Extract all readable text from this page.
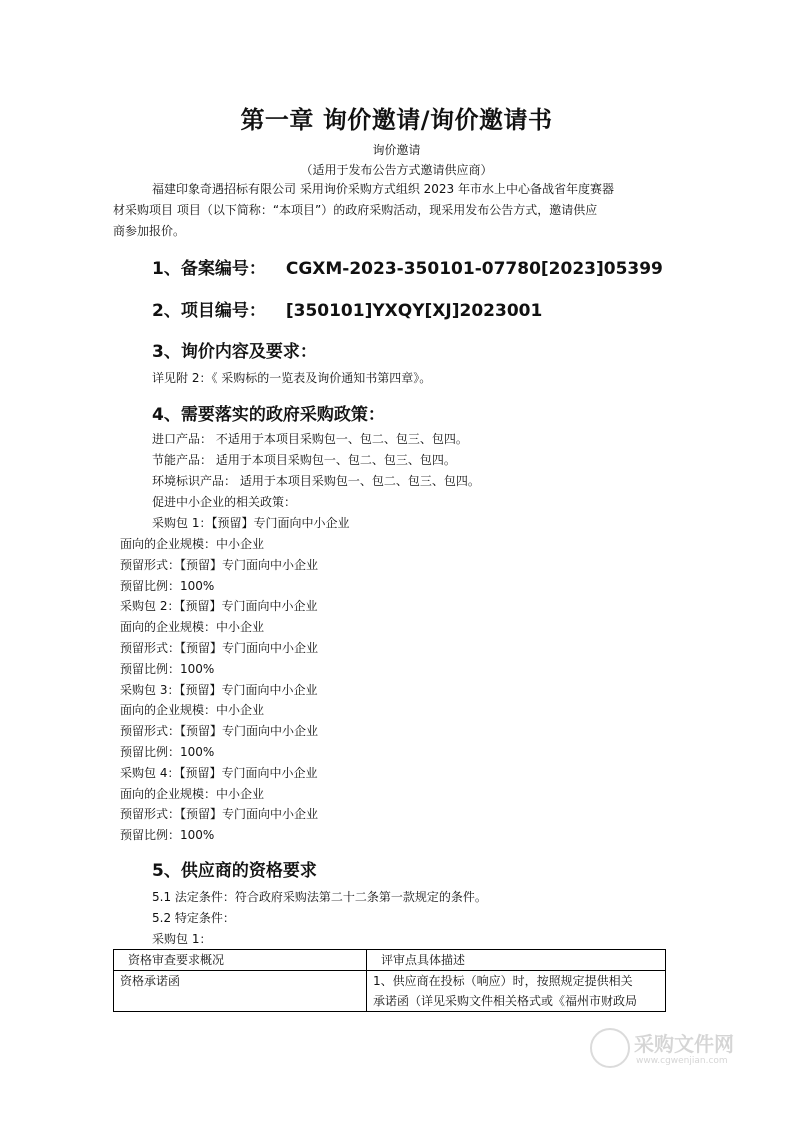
第一章 询价邀请/询价邀请书
询价邀请
（适用于发布公告方式邀请供应商）
福建印象奇遇招标有限公司 采用询价采购方式组织 2023 年市水上中心备战省年度赛器
材采购项目 项目（以下简称：“本项目”）的政府采购活动，现采用发布公告方式，邀请供应
商参加报价。
1、备案编号： CGXM-2023-350101-07780[2023]05399
2、项目编号： [350101]YXQY[XJ]2023001
3、询价内容及要求：
详见附 2：《 采购标的一览表及询价通知书第四章》。
4、需要落实的政府采购政策：
进口产品： 不适用于本项目采购包一、包二、包三、包四。
节能产品： 适用于本项目采购包一、包二、包三、包四。
环境标识产品： 适用于本项目采购包一、包二、包三、包四。
促进中小企业的相关政策：
采购包 1：【预留】专门面向中小企业
面向的企业规模：中小企业
预留形式：【预留】专门面向中小企业
预留比例：100%
采购包 2：【预留】专门面向中小企业
面向的企业规模：中小企业
预留形式：【预留】专门面向中小企业
预留比例：100%
采购包 3：【预留】专门面向中小企业
面向的企业规模：中小企业
预留形式：【预留】专门面向中小企业
预留比例：100%
采购包 4：【预留】专门面向中小企业
面向的企业规模：中小企业
预留形式：【预留】专门面向中小企业
预留比例：100%
5、供应商的资格要求
5.1 法定条件：符合政府采购法第二十二条第一款规定的条件。
5.2 特定条件：
采购包 1：
资格审查要求概况	评审点具体描述
资格承诺函	1、供应商在投标（响应）时，按照规定提供相关
承诺函（详见采购文件相关格式或《福州市财政局
采购文件网
www.cgwenjian.com
